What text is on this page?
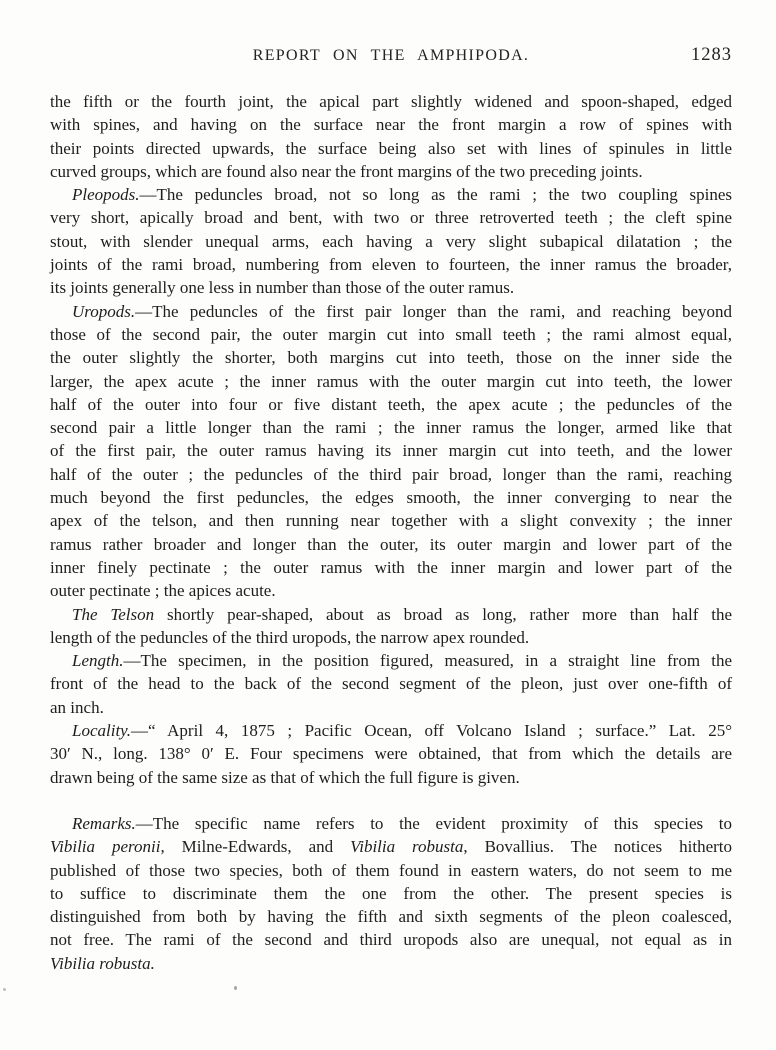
REPORT ON THE AMPHIPODA.	1283
the fifth or the fourth joint, the apical part slightly widened and spoon-shaped, edged
with spines, and having on the surface near the front margin a row of spines with
their points directed upwards, the surface being also set with lines of spinules in little
curved groups, which are found also near the front margins of the two preceding joints.
Pleopods.—The peduncles broad, not so long as the rami ; the two coupling spines
very short, apically broad and bent, with two or three retroverted teeth ; the cleft spine
stout, with slender unequal arms, each having a very slight subapical dilatation ; the
joints of the rami broad, numbering from eleven to fourteen, the inner ramus the broader,
its joints generally one less in number than those of the outer ramus.
Uropods.—The peduncles of the first pair longer than the rami, and reaching beyond
those of the second pair, the outer margin cut into small teeth ; the rami almost equal,
the outer slightly the shorter, both margins cut into teeth, those on the inner side the
larger, the apex acute ; the inner ramus with the outer margin cut into teeth, the lower
half of the outer into four or five distant teeth, the apex acute ; the peduncles of the
second pair a little longer than the rami ; the inner ramus the longer, armed like that
of the first pair, the outer ramus having its inner margin cut into teeth, and the lower
half of the outer ; the peduncles of the third pair broad, longer than the rami, reaching
much beyond the first peduncles, the edges smooth, the inner converging to near the
apex of the telson, and then running near together with a slight convexity ; the inner
ramus rather broader and longer than the outer, its outer margin and lower part of the
inner finely pectinate ; the outer ramus with the inner margin and lower part of the
outer pectinate ; the apices acute.
The Telson shortly pear-shaped, about as broad as long, rather more than half the
length of the peduncles of the third uropods, the narrow apex rounded.
Length.—The specimen, in the position figured, measured, in a straight line from the
front of the head to the back of the second segment of the pleon, just over one-fifth of
an inch.
Locality.—“ April 4, 1875 ; Pacific Ocean, off Volcano Island ; surface.” Lat. 25°
30′ N., long. 138° 0′ E. Four specimens were obtained, that from which the details are
drawn being of the same size as that of which the full figure is given.
Remarks.—The specific name refers to the evident proximity of this species to
Vibilia peronii, Milne-Edwards, and Vibilia robusta, Bovallius. The notices hitherto
published of those two species, both of them found in eastern waters, do not seem to me
to suffice to discriminate them the one from the other. The present species is
distinguished from both by having the fifth and sixth segments of the pleon coalesced,
not free. The rami of the second and third uropods also are unequal, not equal as in
Vibilia robusta.
